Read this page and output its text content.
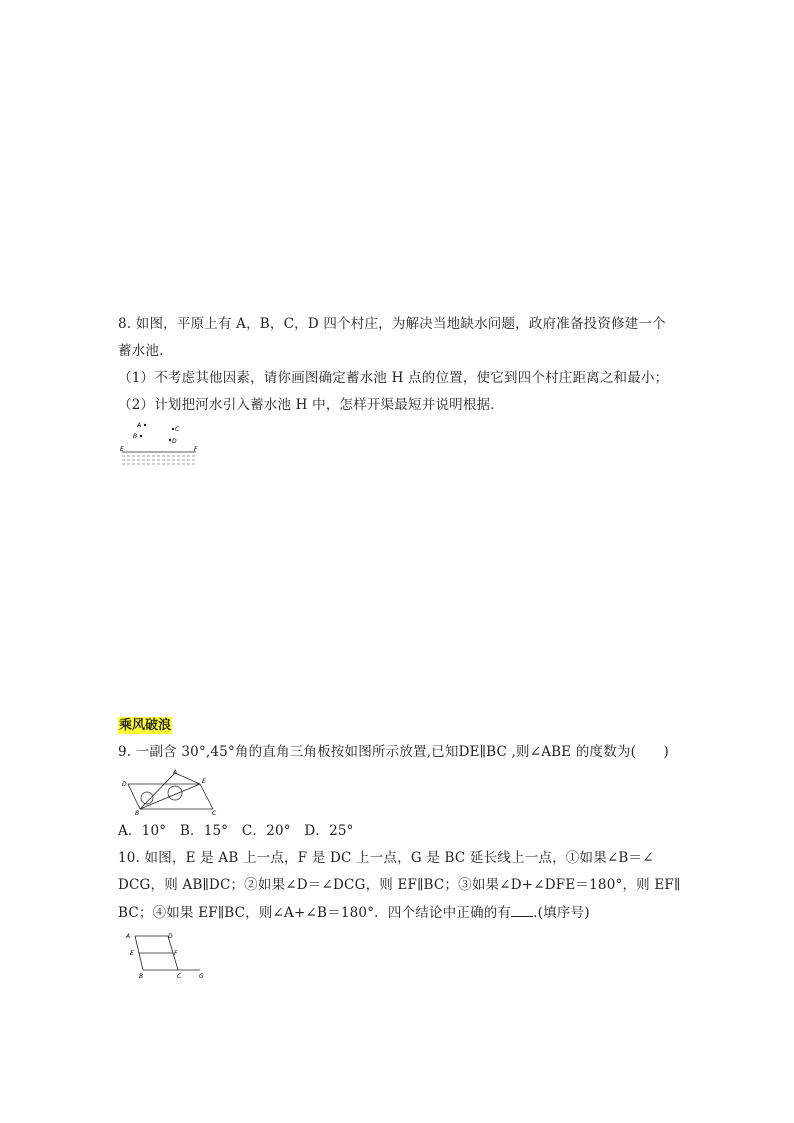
8. 如图，平原上有 A，B，C，D 四个村庄，为解决当地缺水问题，政府准备投资修建一个
蓄水池．
（1）不考虑其他因素，请你画图确定蓄水池 H 点的位置，使它到四个村庄距离之和最小；
（2）计划把河水引入蓄水池 H 中，怎样开渠最短并说明根据．
A
B
C
D
E	F
乘风破浪
9. 一副含 30°,45°角的直角三角板按如图所示放置,已知DE∥BC ,则∠ABE 的度数为(　　)
D
A
E
B	C
A．10°　B．15°　C．20°　D．25°
10. 如图，E 是 AB 上一点，F 是 DC 上一点，G 是 BC 延长线上一点，①如果∠B＝∠
DCG，则 AB∥DC；②如果∠D＝∠DCG，则 EF∥BC；③如果∠D+∠DFE＝180°，则 EF∥
BC；④如果 EF∥BC，则∠A+∠B＝180°．四个结论中正确的有 .(填序号)
A	D
E	F
B	C	G
